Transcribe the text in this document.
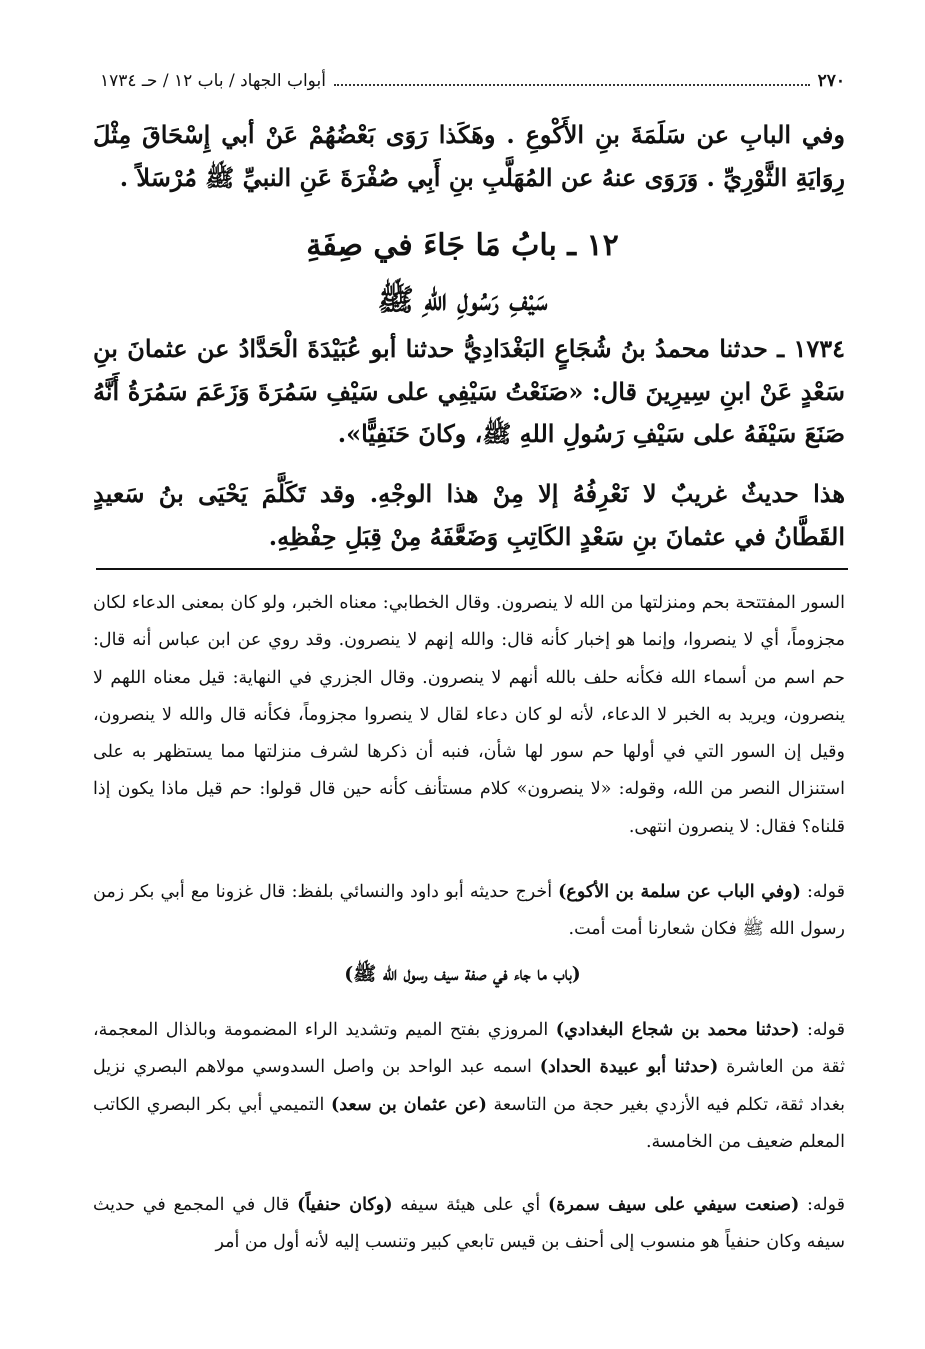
٢٧٠
أبواب الجهاد / باب ١٢ / حـ ١٧٣٤
وفي البابِ عن سَلَمَةَ بنِ الأَكْوعِ . وهَكَذا رَوَى بَعْضُهُمْ عَنْ أبي إِسْحَاقَ مِثْلَ رِوَايَةِ الثَّوْرِيِّ . وَرَوَى عنهُ عن المُهَلَّبِ بنِ أَبِي صُفْرَةَ عَنِ النبيِّ ﷺ مُرْسَلاً .
١٢ ـ بابُ مَا جَاءَ في صِفَةِ
سَيْفِ رَسُولِ اللهِ ﷺ
١٧٣٤ ـ حدثنا محمدُ بنُ شُجَاعٍ البَغْدَادِيُّ حدثنا أبو عُبَيْدَةَ الْحَدَّادُ عن عثمانَ بنِ سَعْدٍ عَنْ ابنِ سِيرِينَ قال: «صَنَعْتُ سَيْفِي على سَيْفِ سَمُرَةَ وَزَعَمَ سَمُرَةُ أَنَّهُ صَنَعَ سَيْفَهُ على سَيْفِ رَسُولِ اللهِ ﷺ، وكانَ حَنَفِيًّا».
هذا حديثٌ غريبٌ لا نَعْرِفُهُ إلا مِنْ هذا الوجْهِ. وقد تَكَلَّمَ يَحْيَى بنُ سَعيدٍ القَطَّانُ في عثمانَ بنِ سَعْدٍ الكَاتِبِ وَضَعَّفَهُ مِنْ قِبَلِ حِفْظِهِ.
السور المفتتحة بحم ومنزلتها من الله لا ينصرون. وقال الخطابي: معناه الخبر، ولو كان بمعنى الدعاء لكان مجزوماً، أي لا ينصروا، وإنما هو إخبار كأنه قال: والله إنهم لا ينصرون. وقد روي عن ابن عباس أنه قال: حم اسم من أسماء الله فكأنه حلف بالله أنهم لا ينصرون. وقال الجزري في النهاية: قيل معناه اللهم لا ينصرون، ويريد به الخبر لا الدعاء، لأنه لو كان دعاء لقال لا ينصروا مجزوماً، فكأنه قال والله لا ينصرون، وقيل إن السور التي في أولها حم سور لها شأن، فنبه أن ذكرها لشرف منزلتها مما يستظهر به على استنزال النصر من الله، وقوله: «لا ينصرون» كلام مستأنف كأنه حين قال قولوا: حم قيل ماذا يكون إذا قلناه؟ فقال: لا ينصرون انتهى.
قوله: (وفي الباب عن سلمة بن الأكوع) أخرج حديثه أبو داود والنسائي بلفظ: قال غزونا مع أبي بكر زمن رسول الله ﷺ فكان شعارنا أمت أمت.
(باب ما جاء في صفة سيف رسول الله ﷺ)
قوله: (حدثنا محمد بن شجاع البغدادي) المروزي بفتح الميم وتشديد الراء المضمومة وبالذال المعجمة، ثقة من العاشرة (حدثنا أبو عبيدة الحداد) اسمه عبد الواحد بن واصل السدوسي مولاهم البصري نزيل بغداد ثقة، تكلم فيه الأزدي بغير حجة من التاسعة (عن عثمان بن سعد) التميمي أبي بكر البصري الكاتب المعلم ضعيف من الخامسة.
قوله: (صنعت سيفي على سيف سمرة) أي على هيئة سيفه (وكان حنفياً) قال في المجمع في حديث سيفه وكان حنفياً هو منسوب إلى أحنف بن قيس تابعي كبير وتنسب إليه لأنه أول من أمر
